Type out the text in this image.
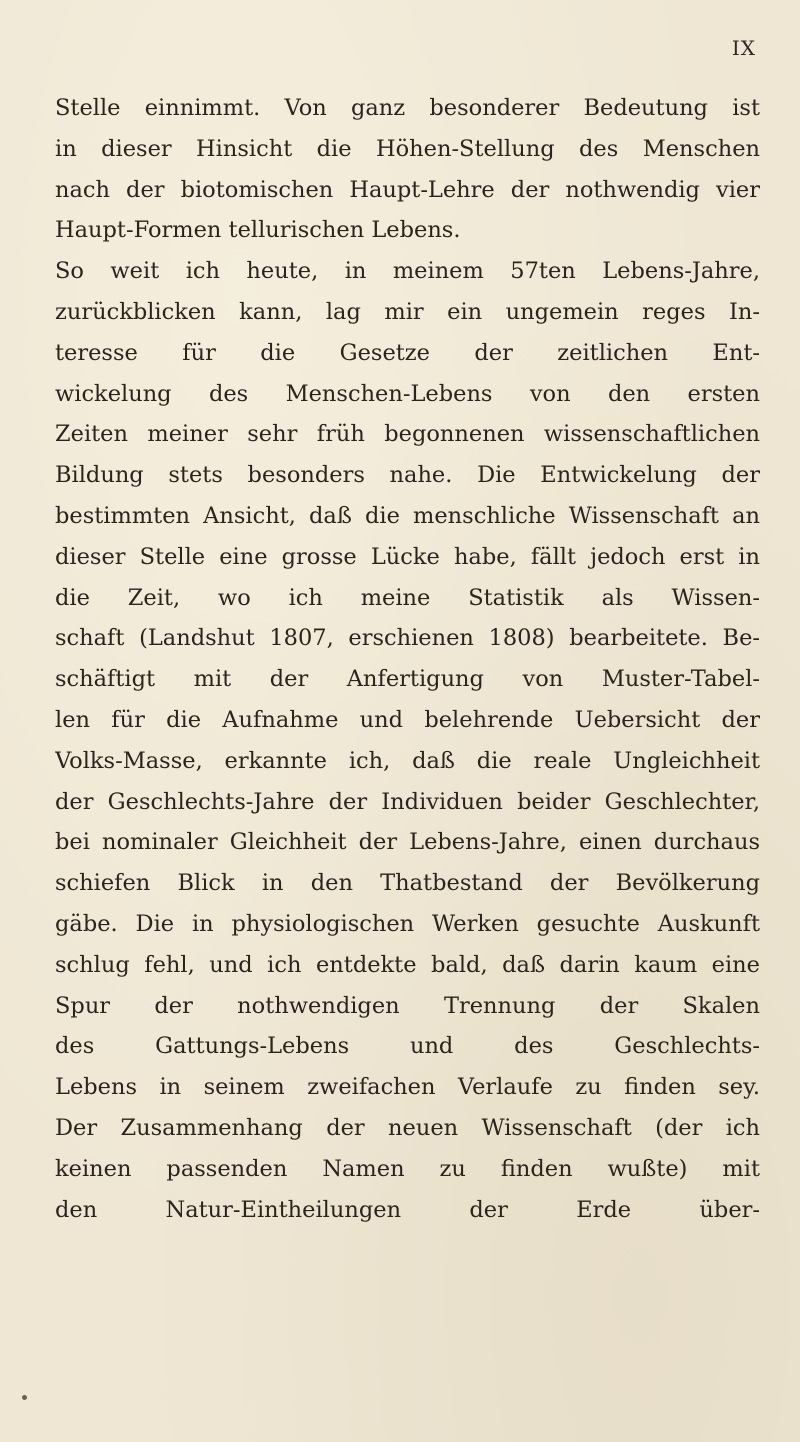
IX
Stelle einnimmt. Von ganz besonderer Bedeutung ist
in dieser Hinsicht die Höhen-Stellung des Menschen
nach der biotomischen Haupt-Lehre der nothwendig vier
Haupt-Formen tellurischen Lebens.
So weit ich heute, in meinem 57ten Lebens-Jahre,
zurückblicken kann, lag mir ein ungemein reges In-
teresse für die Gesetze der zeitlichen Ent-
wickelung des Menschen-Lebens von den ersten
Zeiten meiner sehr früh begonnenen wissenschaftlichen
Bildung stets besonders nahe. Die Entwickelung der
bestimmten Ansicht, daß die menschliche Wissenschaft an
dieser Stelle eine grosse Lücke habe, fällt jedoch erst in
die Zeit, wo ich meine Statistik als Wissen-
schaft (Landshut 1807, erschienen 1808) bearbeitete. Be-
schäftigt mit der Anfertigung von Muster-Tabel-
len für die Aufnahme und belehrende Uebersicht der
Volks-Masse, erkannte ich, daß die reale Ungleichheit
der Geschlechts-Jahre der Individuen beider Geschlechter,
bei nominaler Gleichheit der Lebens-Jahre, einen durchaus
schiefen Blick in den Thatbestand der Bevölkerung
gäbe. Die in physiologischen Werken gesuchte Auskunft
schlug fehl, und ich entdekte bald, daß darin kaum eine
Spur der nothwendigen Trennung der Skalen
des Gattungs-Lebens und des Geschlechts-
Lebens in seinem zweifachen Verlaufe zu finden sey.
Der Zusammenhang der neuen Wissenschaft (der ich
keinen passenden Namen zu finden wußte) mit
den Natur-Eintheilungen der Erde über-
